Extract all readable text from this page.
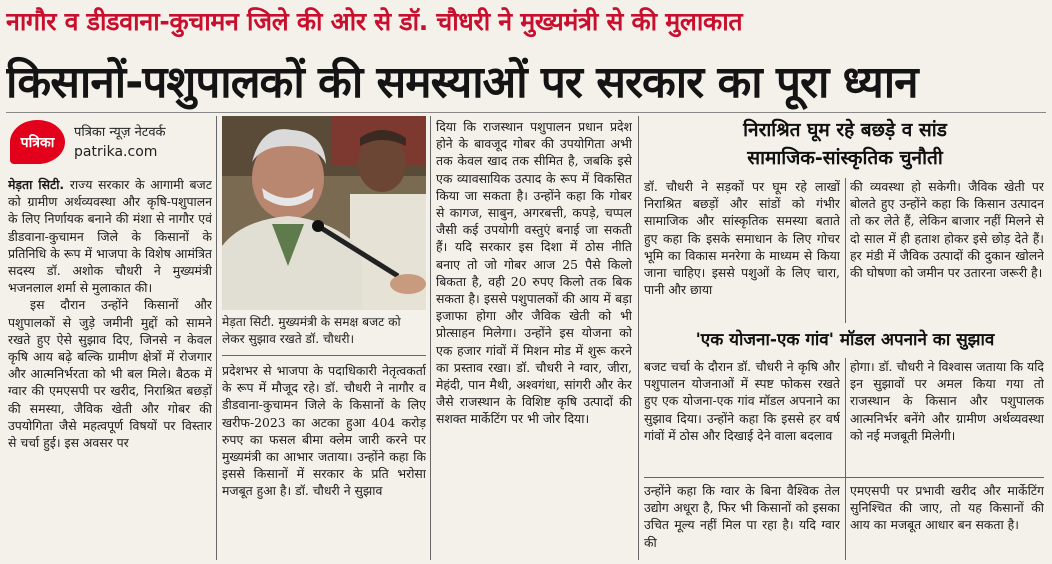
नागौर व डीडवाना-कुचामन जिले की ओर से डॉ. चौधरी ने मुख्यमंत्री से की मुलाकात
किसानों-पशुपालकों की समस्याओं पर सरकार का पूरा ध्यान
पत्रिका
पत्रिका न्यूज़ नेटवर्क
patrika.com

मेड़ता सिटी. राज्य सरकार के आगामी बजट को ग्रामीण अर्थव्यवस्था और कृषि-पशुपालन के लिए निर्णायक बनाने की मंशा से नागौर एवं डीडवाना-कुचामन जिले के किसानों के प्रतिनिधि के रूप में भाजपा के विशेष आमंत्रित सदस्य डॉ. अशोक चौधरी ने मुख्यमंत्री भजनलाल शर्मा से मुलाकात की।

इस दौरान उन्होंने किसानों और पशुपालकों से जुड़े जमीनी मुद्दों को सामने रखते हुए ऐसे सुझाव दिए, जिनसे न केवल कृषि आय बढ़े बल्कि ग्रामीण क्षेत्रों में रोजगार और आत्मनिर्भरता को भी बल मिले। बैठक में ग्वार की एमएसपी पर खरीद, निराश्रित बछड़ों की समस्या, जैविक खेती और गोबर की उपयोगिता जैसे महत्वपूर्ण विषयों पर विस्तार से चर्चा हुई। इस अवसर पर

मेड़ता सिटी. मुख्यमंत्री के समक्ष बजट को लेकर सुझाव रखते डॉ. चौधरी।

प्रदेशभर से भाजपा के पदाधिकारी नेतृत्वकर्ता के रूप में मौजूद रहे। डॉ. चौधरी ने नागौर व डीडवाना-कुचामन जिले के किसानों के लिए खरीफ-2023 का अटका हुआ 404 करोड़ रुपए का फसल बीमा क्लेम जारी करने पर मुख्यमंत्री का आभार जताया। उन्होंने कहा कि इससे किसानों में सरकार के प्रति भरोसा मजबूत हुआ है। डॉ. चौधरी ने सुझाव

दिया कि राजस्थान पशुपालन प्रधान प्रदेश होने के बावजूद गोबर की उपयोगिता अभी तक केवल खाद तक सीमित है, जबकि इसे एक व्यावसायिक उत्पाद के रूप में विकसित किया जा सकता है। उन्होंने कहा कि गोबर से कागज, साबुन, अगरबत्ती, कपड़े, चप्पल जैसी कई उपयोगी वस्तुएं बनाई जा सकती हैं। यदि सरकार इस दिशा में ठोस नीति बनाए तो जो गोबर आज 25 पैसे किलो बिकता है, वही 20 रुपए किलो तक बिक सकता है। इससे पशुपालकों की आय में बड़ा इजाफा होगा और जैविक खेती को भी प्रोत्साहन मिलेगा। उन्होंने इस योजना को एक हजार गांवों में मिशन मोड में शुरू करने का प्रस्ताव रखा। डॉ. चौधरी ने ग्वार, जीरा, मेहंदी, पान मैथी, अश्वगंधा, सांगरी और केर जैसे राजस्थान के विशिष्ट कृषि उत्पादों की सशक्त मार्केटिंग पर भी जोर दिया।

निराश्रित घूम रहे बछड़े व सांड
सामाजिक-सांस्कृतिक चुनौती

डॉ. चौधरी ने सड़कों पर घूम रहे लाखों निराश्रित बछड़ों और सांडों को गंभीर सामाजिक और सांस्कृतिक समस्या बताते हुए कहा कि इसके समाधान के लिए गोचर भूमि का विकास मनरेगा के माध्यम से किया जाना चाहिए। इससे पशुओं के लिए चारा, पानी और छाया

की व्यवस्था हो सकेगी। जैविक खेती पर बोलते हुए उन्होंने कहा कि किसान उत्पादन तो कर लेते हैं, लेकिन बाजार नहीं मिलने से दो साल में ही हताश होकर इसे छोड़ देते हैं। हर मंडी में जैविक उत्पादों की दुकान खोलने की घोषणा को जमीन पर उतारना जरूरी है।

'एक योजना-एक गांव' मॉडल अपनाने का सुझाव

बजट चर्चा के दौरान डॉ. चौधरी ने कृषि और पशुपालन योजनाओं में स्पष्ट फोकस रखते हुए एक योजना-एक गांव मॉडल अपनाने का सुझाव दिया। उन्होंने कहा कि इससे हर वर्ष गांवों में ठोस और दिखाई देने वाला बदलाव

होगा। डॉ. चौधरी ने विश्वास जताया कि यदि इन सुझावों पर अमल किया गया तो राजस्थान के किसान और पशुपालक आत्मनिर्भर बनेंगे और ग्रामीण अर्थव्यवस्था को नई मजबूती मिलेगी।

उन्होंने कहा कि ग्वार के बिना वैश्विक तेल उद्योग अधूरा है, फिर भी किसानों को इसका उचित मूल्य नहीं मिल पा रहा है। यदि ग्वार की

एमएसपी पर प्रभावी खरीद और मार्केटिंग सुनिश्चित की जाए, तो यह किसानों की आय का मजबूत आधार बन सकता है।
